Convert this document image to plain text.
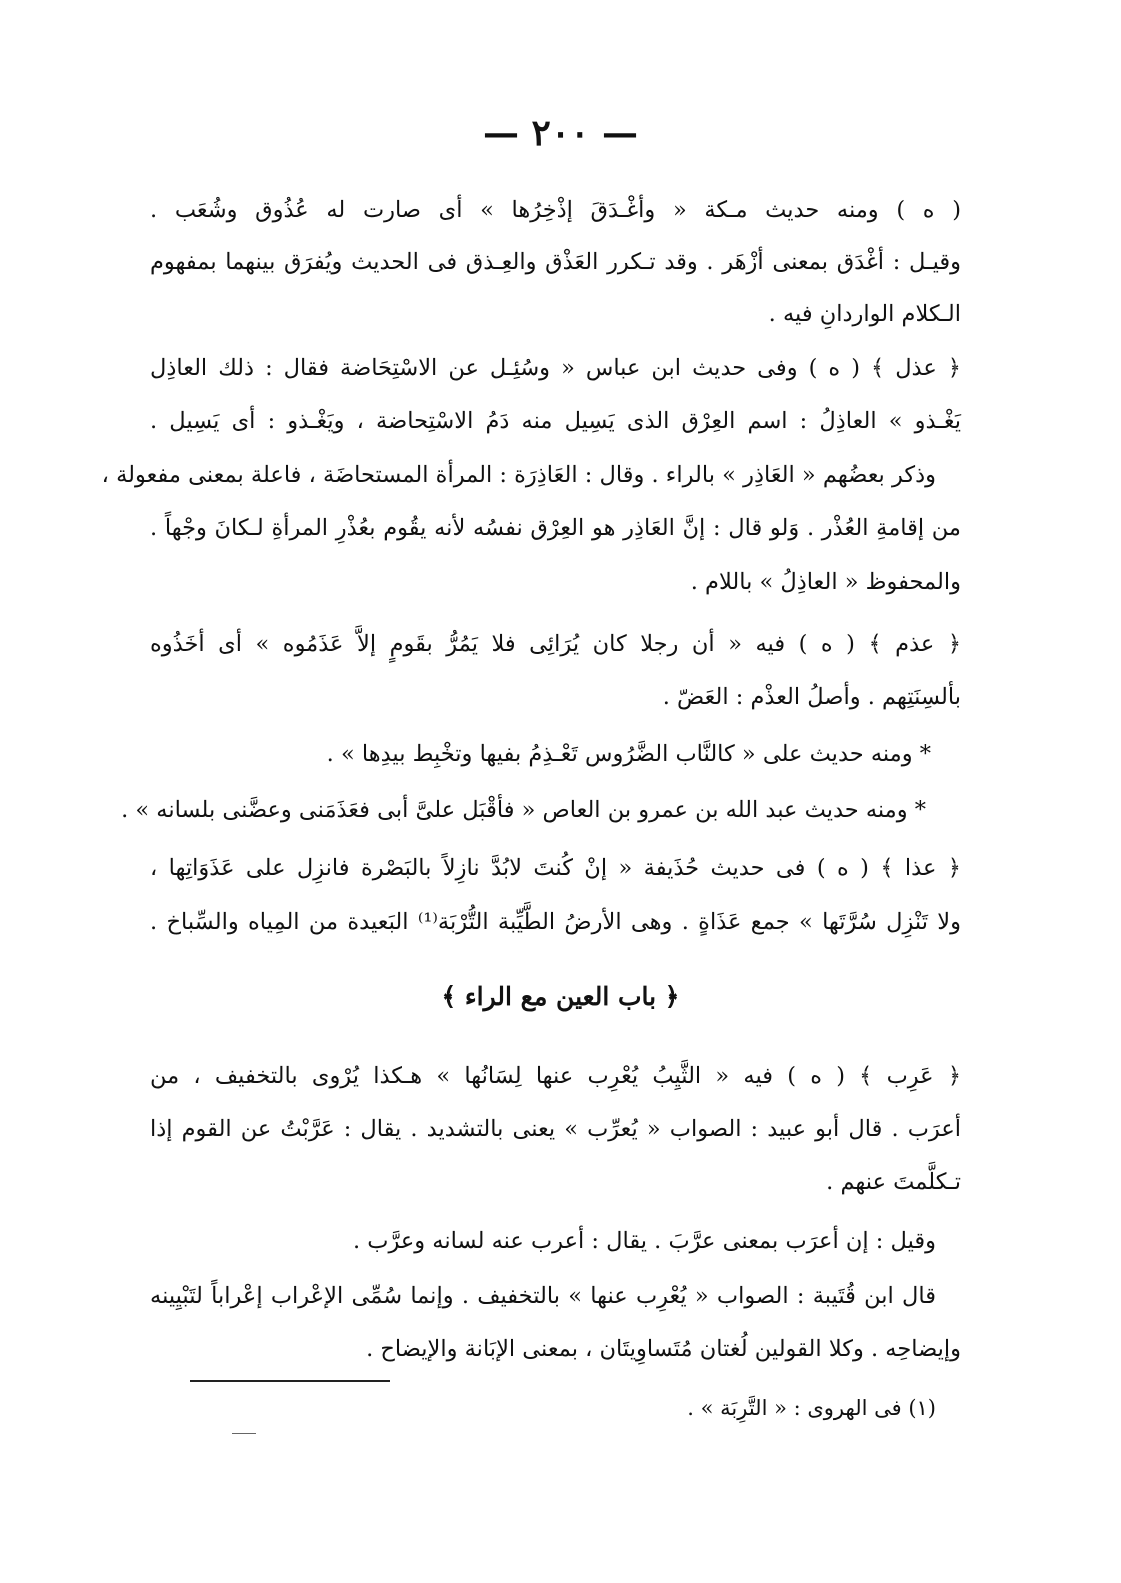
— ٢٠٠ —
( ه ) ومنه حديث مـكة « وأغْـدَقَ إذْخِرُها » أى صارت له عُذُوق وشُعَب .
وقيـل : أغْدَق بمعنى أزْهَر . وقد تـكرر العَذْق والعِـذق فى الحديث ويُفرَق بينهما بمفهوم
الـكلام الواردانِ فيه .
﴿ عذل ﴾ ( ه ) وفى حديث ابن عباس « وسُئِـل عن الاسْتِحَاضة فقال : ذلك العاذِل
يَغْـذو » العاذِلُ : اسم العِرْق الذى يَسِيل منه دَمُ الاسْتِحاضة ، ويَغْـذو : أى يَسِيل .
وذكر بعضُهم « العَاذِر » بالراء . وقال : العَاذِرَة : المرأة المستحاضَة ، فاعلة بمعنى مفعولة ،
من إقامةِ العُذْر . وَلو قال : إنَّ العَاذِر هو العِرْق نفسُه لأنه يقُوم بعُذْرِ المرأةِ لـكانَ وجْهاً .
والمحفوظ « العاذِلُ » باللام .
﴿ عذم ﴾ ( ه ) فيه « أن رجلا كان يُرَائِى فلا يَمُرُّ بقَومٍ إلاَّ عَذَمُوه » أى أخَذُوه
بألسِنَتِهم . وأصلُ العذْم : العَضّ .
* ومنه حديث على « كالنَّاب الضَّرُوس تَعْـذِمُ بفيها وتخْبِط بيدِها » .
* ومنه حديث عبد الله بن عمرو بن العاص « فأقْبَل علىَّ أبى فعَذَمَنى وعضَّنى بلسانه » .
﴿ عذا ﴾ ( ه ) فى حديث حُذَيفة « إنْ كُنتَ لابُدَّ نازِلاً بالبَصْرة فانزِل على عَذَوَاتِها ،
ولا تَنْزِل سُرَّتَها » جمع عَذَاةٍ . وهى الأرضُ الطَّيِّبة التُّرْبَة⁽¹⁾ البَعيدة من المِياه والسِّباخ .
﴿ باب العين مع الراء ﴾
﴿ عَرِب ﴾ ( ه ) فيه « الثَّيِبُ يُعْرِب عنها لِسَانُها » هـكذا يُرْوى بالتخفيف ، من
أعرَب . قال أبو عبيد : الصواب « يُعرِّب » يعنى بالتشديد . يقال : عَرَّبْتُ عن القوم إذا
تـكلَّمتَ عنهم .
وقيل : إن أعرَب بمعنى عرَّبَ . يقال : أعرب عنه لسانه وعرَّب .
قال ابن قُتَيبة : الصواب « يُعْرِب عنها » بالتخفيف . وإنما سُمِّى الإعْراب إعْراباً لتَبْيِينه
وإيضاحِه . وكلا القولين لُغتان مُتَساوِيتَان ، بمعنى الإبَانة والإيضاح .
(١) فى الهروى : « التَّرِبَة » .
